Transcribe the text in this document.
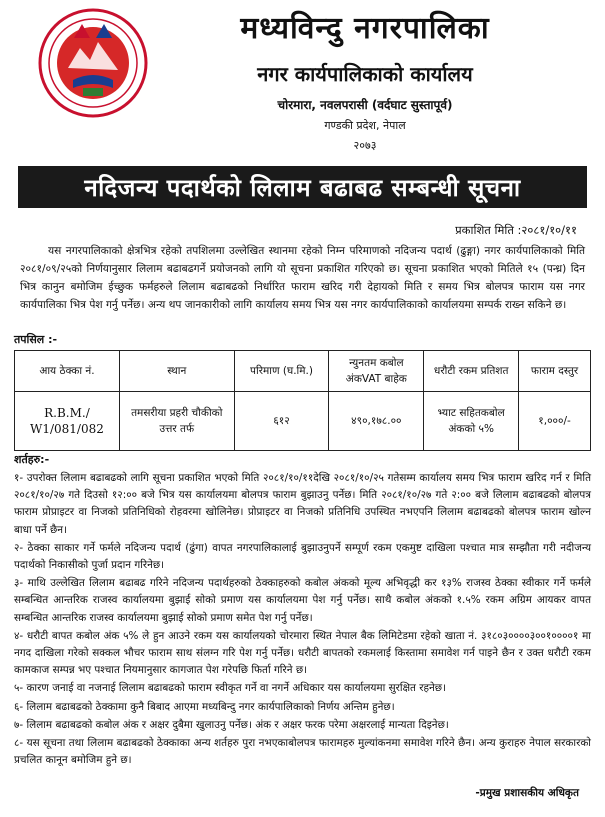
मध्यविन्दु नगरपालिका
नगर कार्यपालिकाको कार्यालय
चोरमारा, नवलपरासी (वर्दघाट सुस्तापूर्व)
गण्डकी प्रदेश, नेपाल
२०७३
नदिजन्य पदार्थको लिलाम बढाबढ सम्बन्धी सूचना
प्रकाशित मिति :२०८१/१०/११
यस नगरपालिकाको क्षेत्रभित्र रहेको तपशिलमा उल्लेखित स्थानमा रहेको निम्न परिमाणको नदिजन्य पदार्थ (ढुङ्गा) नगर कार्यपालिकाको मिति २०८१/०९/२५को निर्णयानुसार लिलाम बढाबढगर्ने प्रयोजनको लागि यो सूचना प्रकाशित गरिएको छ। सूचना प्रकाशित भएको मितिले १५ (पन्ध्र) दिन भित्र कानुन बमोजिम ईच्छुक फर्महरुले लिलाम बढाबढको निर्धारित फाराम खरिद गरी देहायको मिति र समय भित्र बोलपत्र फाराम यस नगर कार्यपालिका भित्र पेश गर्नु पर्नेछ। अन्य थप जानकारीको लागि कार्यालय समय भित्र यस नगर कार्यपालिकाको कार्यालयमा सम्पर्क राख्न सकिने छ।
तपसिल :-
आय ठेक्का नं.	स्थान	परिमाण (घ.मि.)	न्युनतम कबोल अंकVAT बाहेक	धरौटी रकम प्रतिशत	फाराम दस्तुर
R.B.M./ W1/081/082	तमसरीया प्रहरी चौकीको उत्तर तर्फ	६१२	४९०,१७८.००	भ्याट सहितकबोल अंकको ५%	१,०००/-
शर्तहरु:-
१- उपरोक्त लिलाम बढाबढको लागि सूचना प्रकाशित भएको मिति २०८१/१०/११देखि २०८१/१०/२५ गतेसम्म कार्यालय समय भित्र फाराम खरिद गर्न र मिति २०८१/१०/२७ गते दिउसो १२:०० बजे भित्र यस कार्यालयमा बोलपत्र फाराम बुझाउनु पर्नेछ। मिति २०८१/१०/२७ गते २:०० बजे लिलाम बढाबढको बोलपत्र फाराम प्रोप्राइटर वा निजको प्रतिनिधिको रोहवरमा खोलिनेछ। प्रोप्राइटर वा निजको प्रतिनिधि उपस्थित नभएपनि लिलाम बढाबढको बोलपत्र फाराम खोल्न बाधा पर्ने छैन।
२- ठेक्का साकार गर्ने फर्मले नदिजन्य पदार्थ (ढुंगा) वापत नगरपालिकालाई बुझाउनुपर्ने सम्पूर्ण रकम एकमुष्ट दाखिला पश्चात मात्र सम्झौता गरी नदीजन्य पदार्थको निकासीको पुर्जा प्रदान गरिनेछ।
३- माथि उल्लेखित लिलाम बढाबढ गरिने नदिजन्य पदार्थहरुको ठेक्काहरुको कबोल अंकको मूल्य अभिवृद्धी कर १३% राजस्व ठेक्का स्वीकार गर्ने फर्मले सम्बन्धित आन्तरिक राजस्व कार्यालयमा बुझाई सोको प्रमाण यस कार्यालयमा पेश गर्नु पर्नेछ। साथै कबोल अंकको १.५% रकम अग्रिम आयकर वापत सम्बन्धित आन्तरिक राजस्व कार्यालयमा बुझाई सोको प्रमाण समेत पेश गर्नु पर्नेछ।
४- धरौटी बापत कबोल अंक ५% ले हुन आउने रकम यस कार्यालयको चोरमारा स्थित नेपाल बैक लिमिटेडमा रहेको खाता नं. ३१८०३००००३००१००००१ मा नगद दाखिला गरेको सक्कल भौचर फाराम साथ संलग्न गरि पेश गर्नु पर्नेछ। धरौटी बापतको रकमलाई किस्तामा समावेश गर्न पाइने छैन र उक्त धरौटी रकम कामकाज सम्पन्न भए पश्चात नियमानुसार कागजात पेश गरेपछि फिर्ता गरिने छ।
५- कारण जनाई वा नजनाई लिलाम बढाबढको फाराम स्वीकृत गर्ने वा नगर्ने अधिकार यस कार्यालयमा सुरक्षित रहनेछ।
६- लिलाम बढाबढको ठेक्कामा कुनै बिबाद आएमा मध्यबिन्दु नगर कार्यपालिकाको निर्णय अन्तिम हुनेछ।
७- लिलाम बढाबढको कबोल अंक र अक्षर दुबैमा खुलाउनु पर्नेछ। अंक र अक्षर फरक परेमा अक्षरलाई मान्यता दिइनेछ।
८- यस सूचना तथा लिलाम बढाबढको ठेक्काका अन्य शर्तहरु पुरा नभएकाबोलपत्र फारामहरु मुल्यांकनमा समावेश गरिने छैन। अन्य कुराहरु नेपाल सरकारको प्रचलित कानून बमोजिम हुने छ।
-प्रमुख प्रशासकीय अधिकृत
